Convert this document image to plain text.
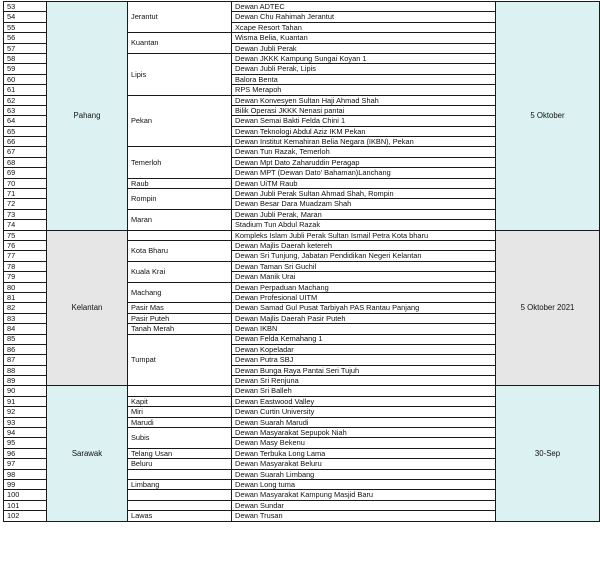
53	Pahang	Jerantut	Dewan ADTEC	5 Oktober
54			Dewan Chu Rahimah Jerantut	
55			Xcape Resort Tahan	
56		Kuantan	Wisma Belia, Kuantan	
57			Dewan Jubli Perak	
58		Lipis	Dewan JKKK Kampung Sungai Koyan 1	
59			Dewan Jubli Perak, Lipis	
60			Balora Benta	
61			RPS Merapoh	
62		Pekan	Dewan Konvesyen Sultan Haji Ahmad Shah	
63			Bilik Operasi JKKK Nenasi pantai	
64			Dewan Semai Bakti Felda Chini 1	
65			Dewan Teknologi Abdul Aziz IKM Pekan	
66			Dewan Institut Kemahiran Belia Negara (IKBN), Pekan	
67		Temerloh	Dewan Tun Razak, Temerloh	
68			Dewan Mpt Dato Zaharuddin Peragap	
69			Dewan MPT (Dewan Dato' Bahaman)Lanchang	
70		Raub	Dewan UiTM Raub	
71		Rompin	Dewan Jubli Perak Sultan Ahmad Shah, Rompin	
72			Dewan Besar Dara Muadzam Shah	
73		Maran	Dewan Jubli Perak, Maran	
74			Stadium Tun Abdul Razak	
75	Kelantan		Kompleks Islam Jubli Perak Sultan Ismail Petra Kota bharu	5 Oktober 2021
76		Kota Bharu	Dewan Majlis Daerah ketereh	
77			Dewan Sri Tunjung, Jabatan Pendidikan Negeri Kelantan	
78		Kuala Krai	Dewan Taman Sri Guchil	
79			Dewan Manik Urai	
80		Machang	Dewan Perpaduan Machang	
81			Dewan Profesional UITM	
82		Pasir Mas	Dewan Samad Gul Pusat Tarbiyah PAS Rantau Panjang	
83		Pasir Puteh	Dewan Majlis Daerah Pasir Puteh	
84		Tanah Merah	Dewan IKBN	
85		Tumpat	Dewan Felda Kemahang 1	
86			Dewan Kopeladar	
87			Dewan Putra SBJ	
88			Dewan Bunga Raya Pantai Seri Tujuh	
89			Dewan Sri Renjuna	
90	Sarawak		Dewan Sri Balleh	30-Sep
91		Kapit	Dewan Eastwood Valley	
92		Miri	Dewan Curtin University	
93		Marudi	Dewan Suarah Marudi	
94		Subis	Dewan Masyarakat Sepupok Niah	
95			Dewan Masy Bekenu	
96		Telang Usan	Dewan Terbuka Long Lama	
97		Beluru	Dewan Masyarakat Beluru	
98			Dewan Suarah Limbang	
99		Limbang	Dewan Long tuma	
100			Dewan Masyarakat Kampung Masjid Baru	
101			Dewan Sundar	
102		Lawas	Dewan Trusan	
